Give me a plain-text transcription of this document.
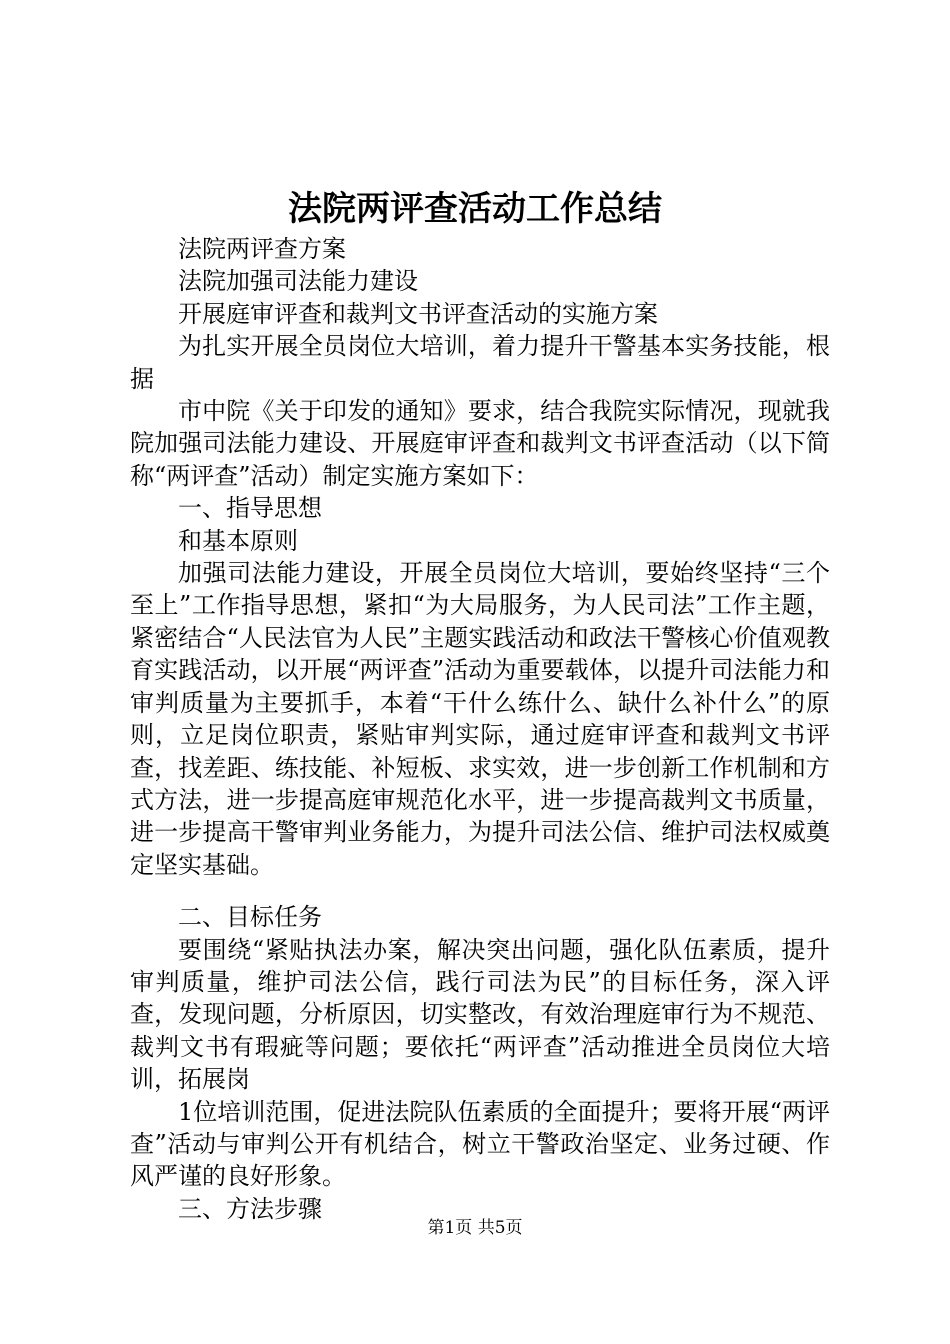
法院两评查活动工作总结

法院两评查方案

法院加强司法能力建设

开展庭审评查和裁判文书评查活动的实施方案

为扎实开展全员岗位大培训，着力提升干警基本实务技能，根据

市中院《关于印发的通知》要求，结合我院实际情况，现就我院加强司法能力建设、开展庭审评查和裁判文书评查活动（以下简称“两评查”活动）制定实施方案如下：

一、指导思想

和基本原则

加强司法能力建设，开展全员岗位大培训，要始终坚持“三个至上”工作指导思想，紧扣“为大局服务，为人民司法”工作主题，紧密结合“人民法官为人民”主题实践活动和政法干警核心价值观教育实践活动，以开展“两评查”活动为重要载体，以提升司法能力和审判质量为主要抓手，本着“干什么练什么、缺什么补什么”的原则，立足岗位职责，紧贴审判实际，通过庭审评查和裁判文书评查，找差距、练技能、补短板、求实效，进一步创新工作机制和方式方法，进一步提高庭审规范化水平，进一步提高裁判文书质量，进一步提高干警审判业务能力，为提升司法公信、维护司法权威奠定坚实基础。

二、目标任务

要围绕“紧贴执法办案，解决突出问题，强化队伍素质，提升审判质量，维护司法公信，践行司法为民”的目标任务，深入评查，发现问题，分析原因，切实整改，有效治理庭审行为不规范、裁判文书有瑕疵等问题；要依托“两评查”活动推进全员岗位大培训，拓展岗

1位培训范围，促进法院队伍素质的全面提升；要将开展“两评查”活动与审判公开有机结合，树立干警政治坚定、业务过硬、作风严谨的良好形象。

三、方法步骤

第1页 共5页
